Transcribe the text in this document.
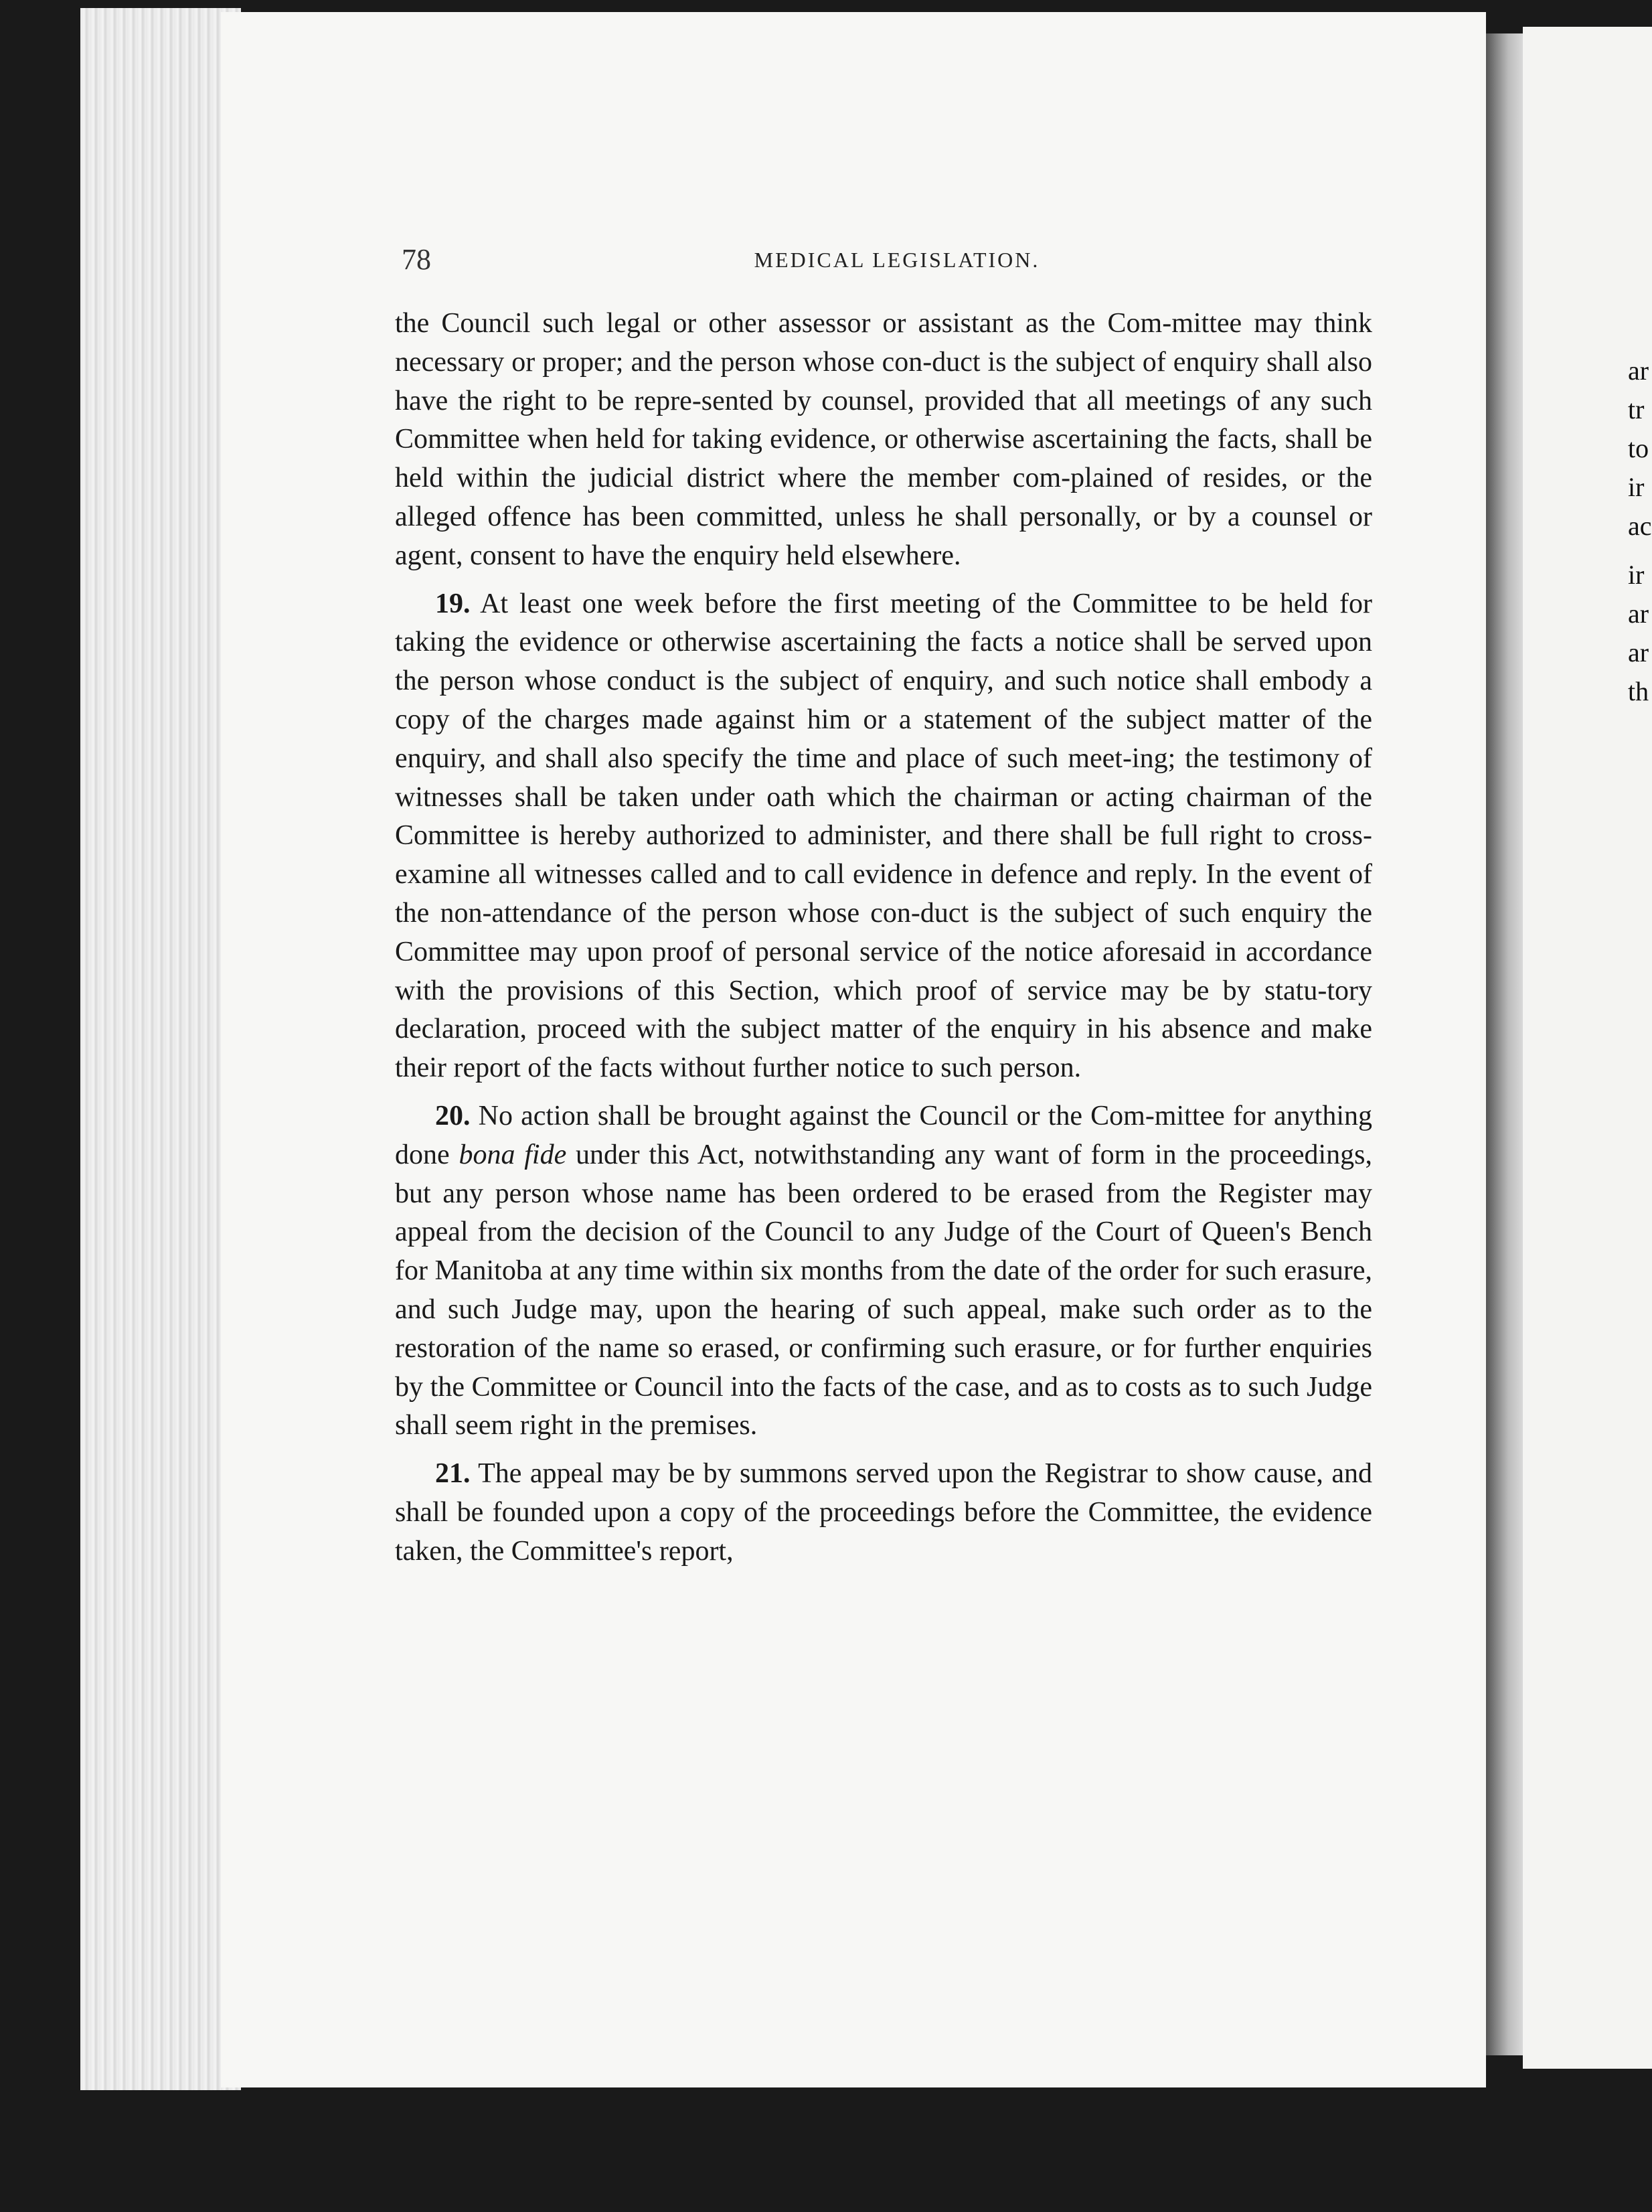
ar
tr
to
ir
ac
ir
ar
ar
th
78	MEDICAL LEGISLATION.

the Council such legal or other assessor or assistant as the Com-mittee may think necessary or proper; and the person whose con-duct is the subject of enquiry shall also have the right to be repre-sented by counsel, provided that all meetings of any such Committee when held for taking evidence, or otherwise ascertaining the facts, shall be held within the judicial district where the member com-plained of resides, or the alleged offence has been committed, unless he shall personally, or by a counsel or agent, consent to have the enquiry held elsewhere.

19. At least one week before the first meeting of the Committee to be held for taking the evidence or otherwise ascertaining the facts a notice shall be served upon the person whose conduct is the subject of enquiry, and such notice shall embody a copy of the charges made against him or a statement of the subject matter of the enquiry, and shall also specify the time and place of such meet-ing; the testimony of witnesses shall be taken under oath which the chairman or acting chairman of the Committee is hereby authorized to administer, and there shall be full right to cross-examine all witnesses called and to call evidence in defence and reply. In the event of the non-attendance of the person whose con-duct is the subject of such enquiry the Committee may upon proof of personal service of the notice aforesaid in accordance with the provisions of this Section, which proof of service may be by statu-tory declaration, proceed with the subject matter of the enquiry in his absence and make their report of the facts without further notice to such person.

20. No action shall be brought against the Council or the Com-mittee for anything done bona fide under this Act, notwithstanding any want of form in the proceedings, but any person whose name has been ordered to be erased from the Register may appeal from the decision of the Council to any Judge of the Court of Queen's Bench for Manitoba at any time within six months from the date of the order for such erasure, and such Judge may, upon the hearing of such appeal, make such order as to the restoration of the name so erased, or confirming such erasure, or for further enquiries by the Committee or Council into the facts of the case, and as to costs as to such Judge shall seem right in the premises.

21. The appeal may be by summons served upon the Registrar to show cause, and shall be founded upon a copy of the proceedings before the Committee, the evidence taken, the Committee's report,
